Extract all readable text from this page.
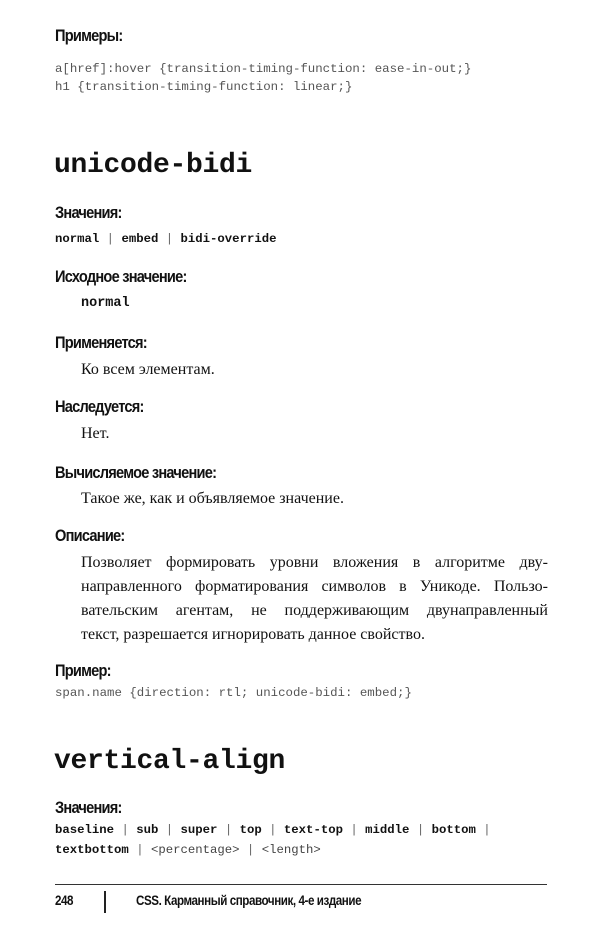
Примеры:
a[href]:hover {transition-timing-function: ease-in-out;}
h1 {transition-timing-function: linear;}
unicode-bidi
Значения:
normal | embed | bidi-override
Исходное значение:
normal
Применяется:
Ко всем элементам.
Наследуется:
Нет.
Вычисляемое значение:
Такое же, как и объявляемое значение.
Описание:
Позволяет формировать уровни вложения в алгоритме дву-
направленного форматирования символов в Уникоде. Пользо-
вательским агентам, не поддерживающим двунаправленный
текст, разрешается игнорировать данное свойство.
Пример:
span.name {direction: rtl; unicode-bidi: embed;}
vertical-align
Значения:
baseline | sub | super | top | text-top | middle | bottom |
textbottom | <percentage> | <length>
248	CSS. Карманный справочник, 4-е издание
